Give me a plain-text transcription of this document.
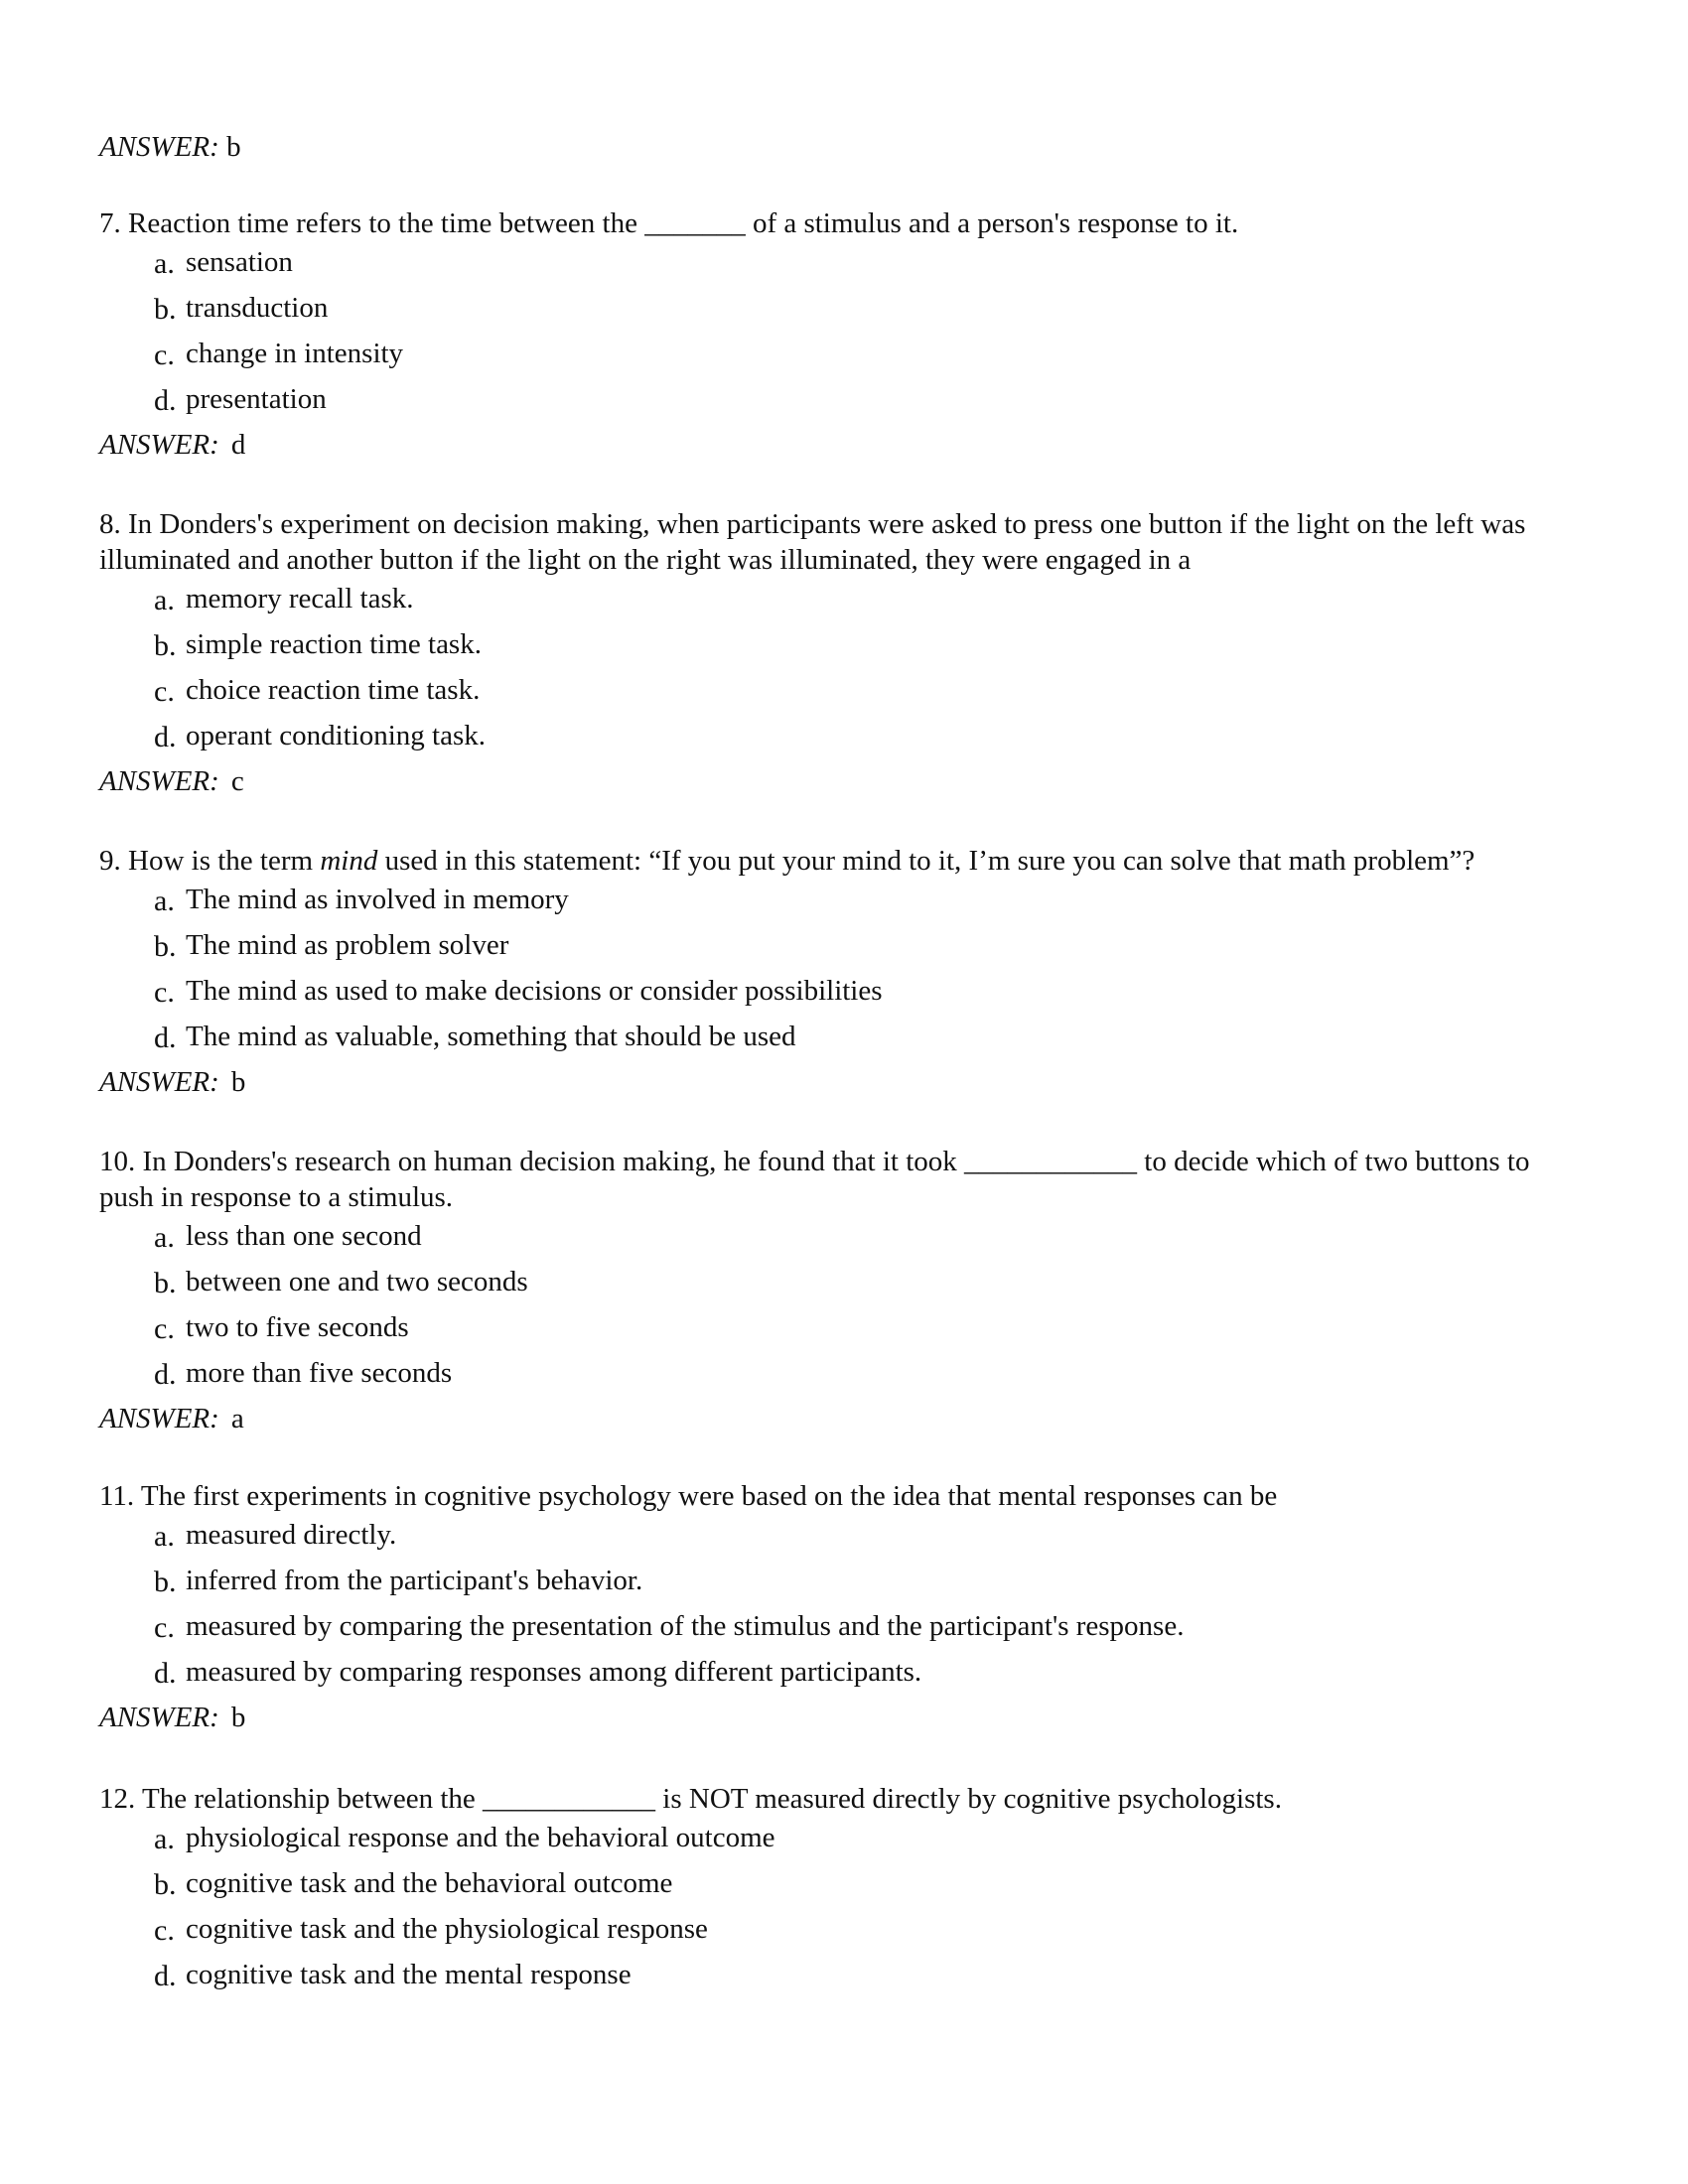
ANSWER: b
7. Reaction time refers to the time between the _______ of a stimulus and a person's response to it.
a. sensation
b. transduction
c. change in intensity
d. presentation
ANSWER: d
8. In Donders's experiment on decision making, when participants were asked to press one button if the light on the left was illuminated and another button if the light on the right was illuminated, they were engaged in a
a. memory recall task.
b. simple reaction time task.
c. choice reaction time task.
d. operant conditioning task.
ANSWER: c
9. How is the term mind used in this statement: “If you put your mind to it, I’m sure you can solve that math problem”?
a. The mind as involved in memory
b. The mind as problem solver
c. The mind as used to make decisions or consider possibilities
d. The mind as valuable, something that should be used
ANSWER: b
10. In Donders's research on human decision making, he found that it took ____________ to decide which of two buttons to push in response to a stimulus.
a. less than one second
b. between one and two seconds
c. two to five seconds
d. more than five seconds
ANSWER: a
11. The first experiments in cognitive psychology were based on the idea that mental responses can be
a. measured directly.
b. inferred from the participant's behavior.
c. measured by comparing the presentation of the stimulus and the participant's response.
d. measured by comparing responses among different participants.
ANSWER: b
12. The relationship between the ____________ is NOT measured directly by cognitive psychologists.
a. physiological response and the behavioral outcome
b. cognitive task and the behavioral outcome
c. cognitive task and the physiological response
d. cognitive task and the mental response
